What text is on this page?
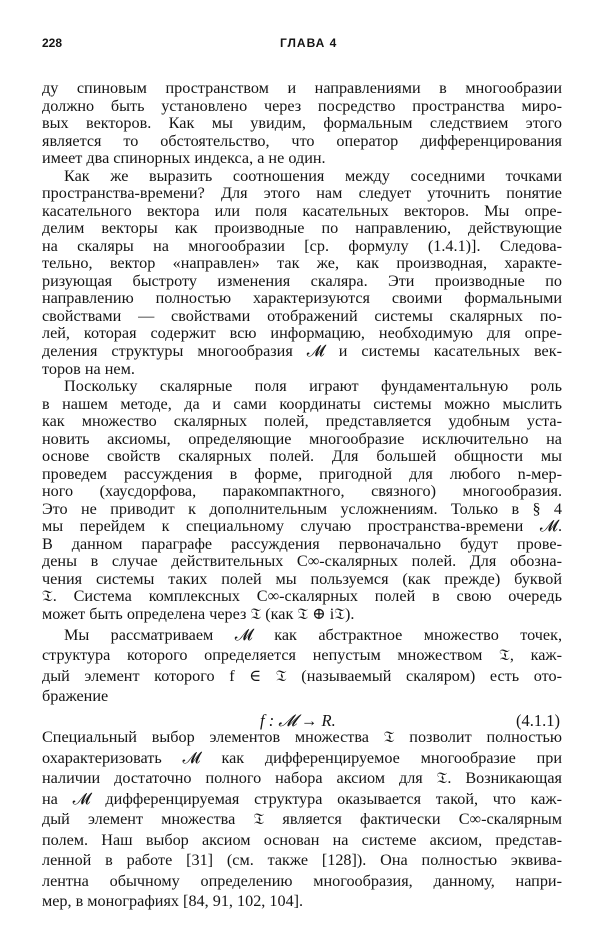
228	ГЛАВА 4
ду спиновым пространством и направлениями в многообразии
должно быть установлено через посредство пространства миро-
вых векторов. Как мы увидим, формальным следствием этого
является то обстоятельство, что оператор дифференцирования
имеет два спинорных индекса, а не один.
Как же выразить соотношения между соседними точками
пространства-времени? Для этого нам следует уточнить понятие
касательного вектора или поля касательных векторов. Мы опре-
делим векторы как производные по направлению, действующие
на скаляры на многообразии [ср. формулу (1.4.1)]. Следова-
тельно, вектор «направлен» так же, как производная, характе-
ризующая быстроту изменения скаляра. Эти производные по
направлению полностью характеризуются своими формальными
свойствами — свойствами отображений системы скалярных по-
лей, которая содержит всю информацию, необходимую для опре-
деления структуры многообразия 𝓜 и системы касательных век-
торов на нем.
Поскольку скалярные поля играют фундаментальную роль
в нашем методе, да и сами координаты системы можно мыслить
как множество скалярных полей, представляется удобным уста-
новить аксиомы, определяющие многообразие исключительно на
основе свойств скалярных полей. Для большей общности мы
проведем рассуждения в форме, пригодной для любого n-мер-
ного (хаусдорфова, паракомпактного, связного) многообразия.
Это не приводит к дополнительным усложнениям. Только в § 4
мы перейдем к специальному случаю пространства-времени 𝓜.
В данном параграфе рассуждения первоначально будут прове-
дены в случае действительных C∞-скалярных полей. Для обозна-
чения системы таких полей мы пользуемся (как прежде) буквой
𝔗. Система комплексных C∞-скалярных полей в свою очередь
может быть определена через 𝔗 (как 𝔗 ⊕ i𝔗).
Мы рассматриваем 𝓜 как абстрактное множество точек,
структура которого определяется непустым множеством 𝔗, каж-
дый элемент которого f ∈ 𝔗 (называемый скаляром) есть ото-
бражение
f : 𝓜 → R.	(4.1.1)
Специальный выбор элементов множества 𝔗 позволит полностью
охарактеризовать 𝓜 как дифференцируемое многообразие при
наличии достаточно полного набора аксиом для 𝔗. Возникающая
на 𝓜 дифференцируемая структура оказывается такой, что каж-
дый элемент множества 𝔗 является фактически C∞-скалярным
полем. Наш выбор аксиом основан на системе аксиом, представ-
ленной в работе [31] (см. также [128]). Она полностью эквива-
лентна обычному определению многообразия, данному, напри-
мер, в монографиях [84, 91, 102, 104].
